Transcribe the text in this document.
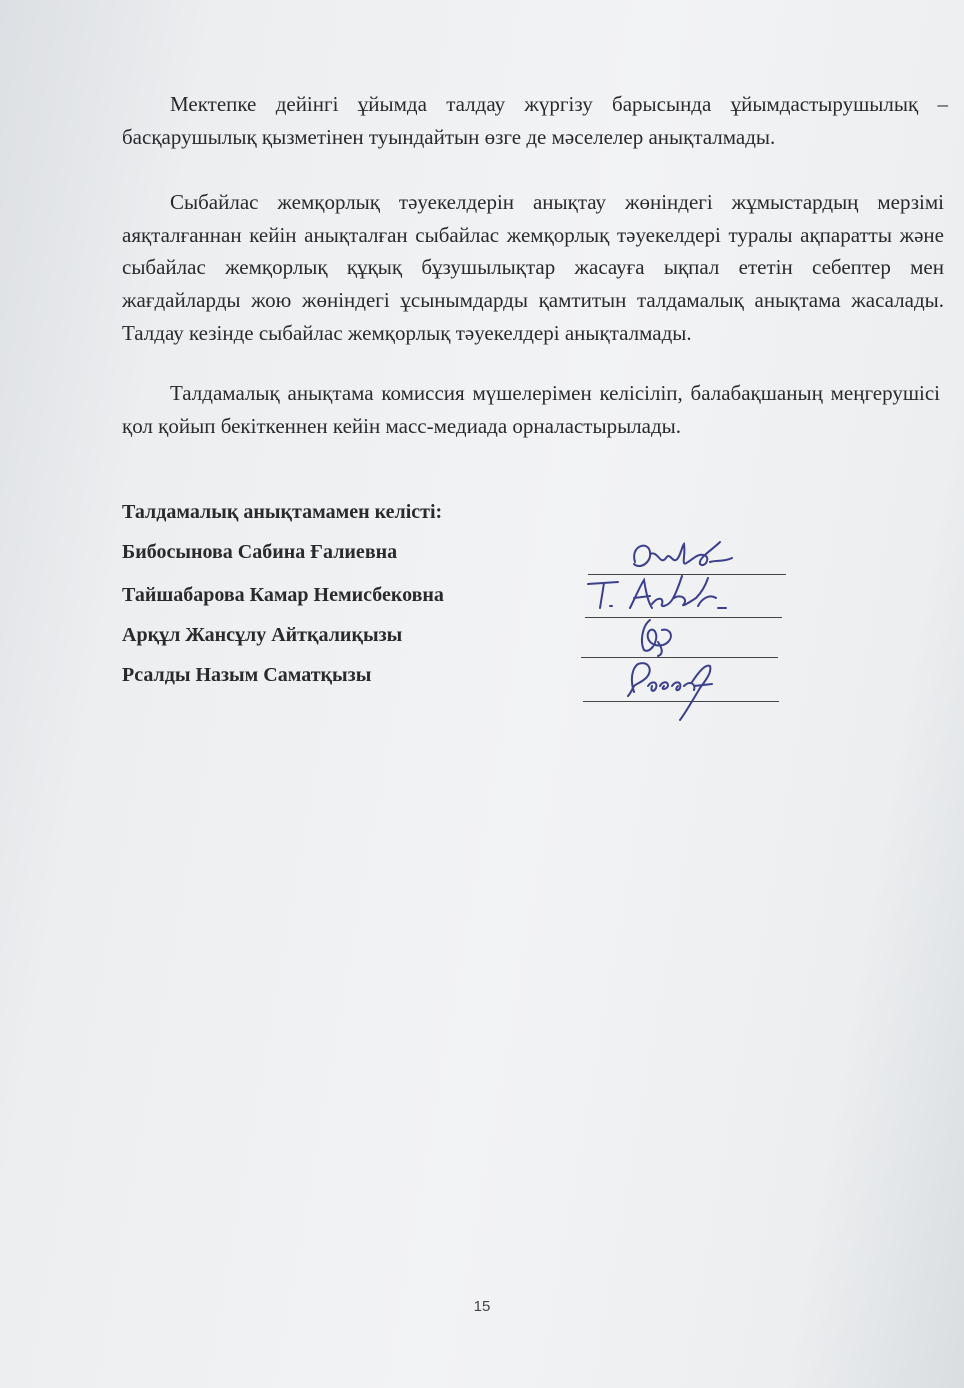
Мектепке дейінгі ұйымда талдау жүргізу барысында ұйымдастырушылық – басқарушылық қызметінен туындайтын өзге де мәселелер анықталмады.

Сыбайлас жемқорлық тәуекелдерін анықтау жөніндегі жұмыстардың мерзімі аяқталғаннан кейін анықталған сыбайлас жемқорлық тәуекелдері туралы ақпаратты және сыбайлас жемқорлық құқық бұзушылықтар жасауға ықпал ететін себептер мен жағдайларды жою жөніндегі ұсынымдарды қамтитын талдамалық анықтама жасалады. Талдау кезінде сыбайлас жемқорлық тәуекелдері анықталмады.

Талдамалық анықтама комиссия мүшелерімен келісіліп, балабақшаның меңгерушісі қол қойып бекіткеннен кейін масс-медиада орналастырылады.

Талдамалық анықтамамен келісті:

Бибосынова Сабина Ғалиевна
Тайшабарова Камар Немисбековна
Арқұл Жансұлу Айтқалиқызы
Рсалды Назым Саматқызы
15
